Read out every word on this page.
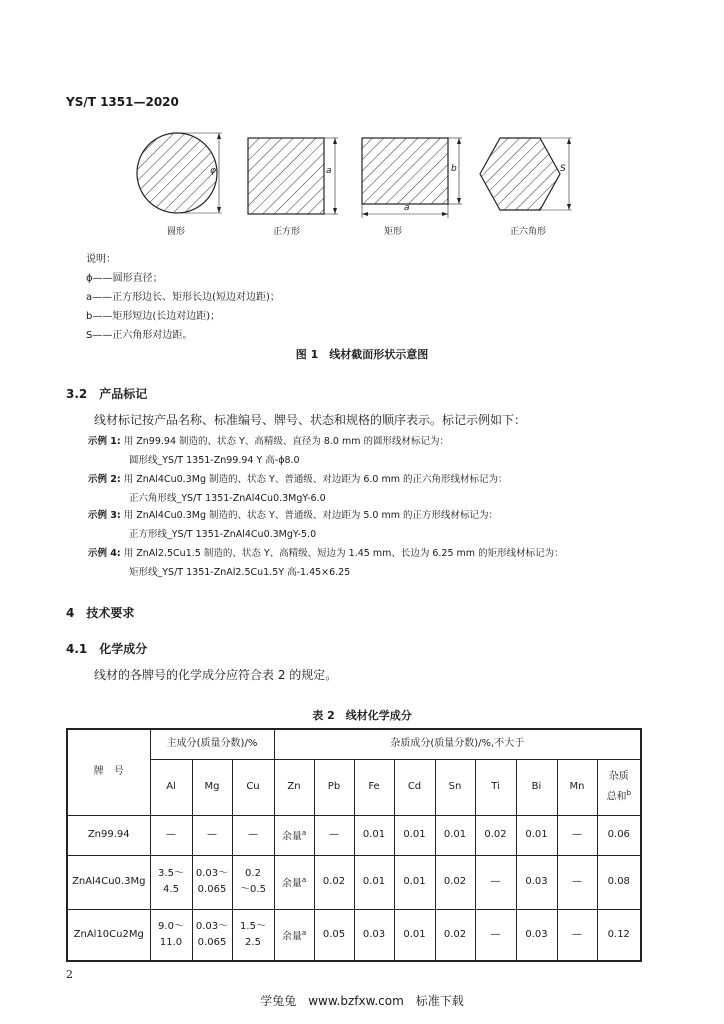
YS/T 1351—2020
φ	a	b
a
S
圆形	正方形	矩形	正六角形
说明：
ϕ——圆形直径；
a——正方形边长、矩形长边(短边对边距)；
b——矩形短边(长边对边距)；
S——正六角形对边距。
图 1　线材截面形状示意图
3.2　产品标记
线材标记按产品名称、标准编号、牌号、状态和规格的顺序表示。标记示例如下：
示例 1: 用 Zn99.94 制造的、状态 Y、高精级、直径为 8.0 mm 的圆形线材标记为：
圆形线_YS/T 1351-Zn99.94 Y 高-ϕ8.0
示例 2: 用 ZnAl4Cu0.3Mg 制造的、状态 Y、普通级、对边距为 6.0 mm 的正六角形线材标记为：
正六角形线_YS/T 1351-ZnAl4Cu0.3MgY-6.0
示例 3: 用 ZnAl4Cu0.3Mg 制造的、状态 Y、普通级、对边距为 5.0 mm 的正方形线材标记为：
正方形线_YS/T 1351-ZnAl4Cu0.3MgY-5.0
示例 4: 用 ZnAl2.5Cu1.5 制造的、状态 Y、高精级、短边为 1.45 mm、长边为 6.25 mm 的矩形线材标记为：
矩形线_YS/T 1351-ZnAl2.5Cu1.5Y 高-1.45×6.25
4　技术要求
4.1　化学成分
线材的各牌号的化学成分应符合表 2 的规定。
表 2　线材化学成分
牌　号	主成分(质量分数)/%			杂质成分(质量分数)/%,不大于								
	Al	Mg	Cu	Zn	Pb	Fe	Cd	Sn	Ti	Bi	Mn	杂质
总和$^b$
Zn99.94	—	—	—	余量$^a$	—	0.01	0.01	0.01	0.02	0.01	—	0.06
ZnAl4Cu0.3Mg	3.5～
4.5	0.03～
0.065	0.2
～0.5	余量$^a$	0.02	0.01	0.01	0.02	—	0.03	—	0.08
ZnAl10Cu2Mg	9.0～
11.0	0.03～
0.065	1.5～
2.5	余量$^a$	0.05	0.03	0.01	0.02	—	0.03	—	0.12
2
学兔兔　www.bzfxw.com　标准下载
